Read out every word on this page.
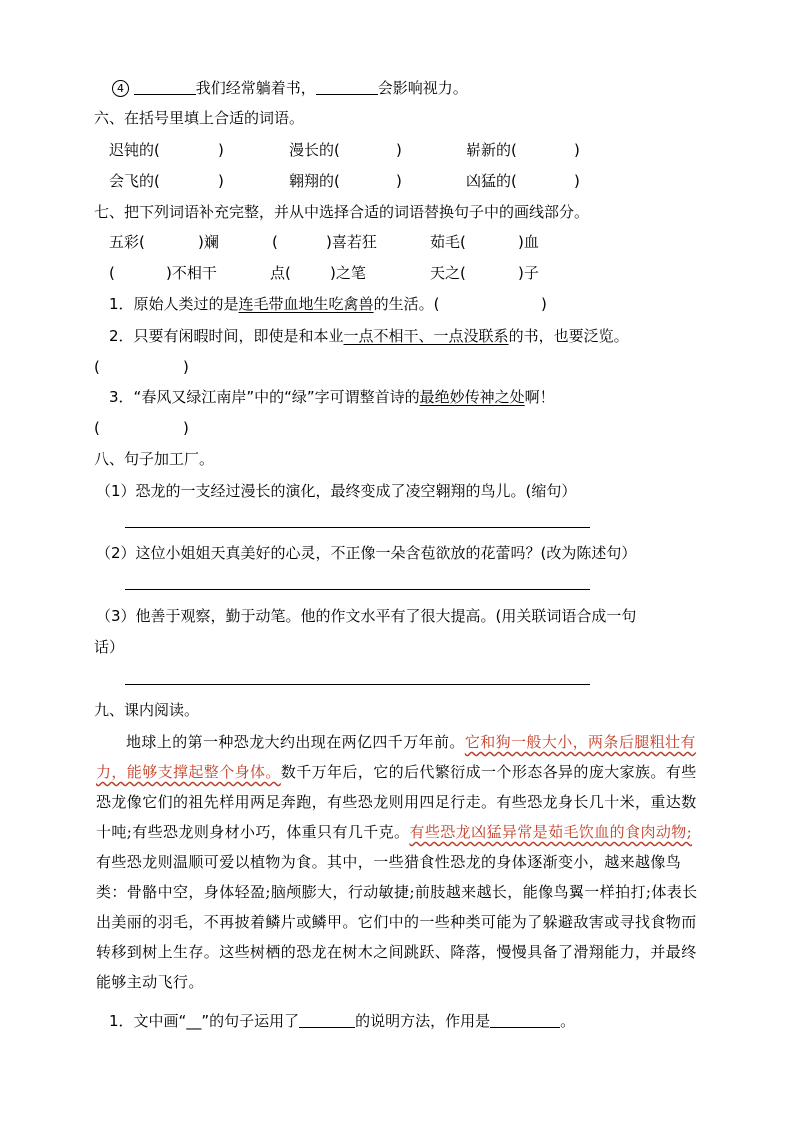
4	我们经常躺着书，	会影响视力。
六、在括号里填上合适的词语。
迟钝的(	)	漫长的(	)	崭新的(	)
会飞的(	)	翱翔的(	)	凶猛的(	)
七、把下列词语补充完整，并从中选择合适的词语替换句子中的画线部分。
五彩(	)斓	(	)喜若狂	茹毛(	)血
(	)不相干	点(	)之笔	天之(	)子
1．原始人类过的是连毛带血地生吃禽兽的生活。(	)
2．只要有闲暇时间，即使是和本业一点不相干、一点没联系的书，也要泛览。
(	)
3．“春风又绿江南岸”中的“绿”字可谓整首诗的最绝妙传神之处啊！
(	)
八、句子加工厂。
（1）恐龙的一支经过漫长的演化，最终变成了凌空翱翔的鸟儿。(缩句）
（2）这位小姐姐天真美好的心灵，不正像一朵含苞欲放的花蕾吗？(改为陈述句）
（3）他善于观察，勤于动笔。他的作文水平有了很大提高。(用关联词语合成一句
话）
九、课内阅读。

地球上的第一种恐龙大约出现在两亿四千万年前。它和狗一般大小，两条后腿粗壮有力，能够支撑起整个身体。数千万年后，它的后代繁衍成一个形态各异的庞大家族。有些恐龙像它们的祖先样用两足奔跑，有些恐龙则用四足行走。有些恐龙身长几十米，重达数十吨;有些恐龙则身材小巧，体重只有几千克。有些恐龙凶猛异常是茹毛饮血的食肉动物;有些恐龙则温顺可爱以植物为食。其中，一些猎食性恐龙的身体逐渐变小，越来越像鸟类：骨骼中空，身体轻盈;脑颅膨大，行动敏捷;前肢越来越长，能像鸟翼一样拍打;体表长出美丽的羽毛，不再披着鳞片或鳞甲。它们中的一些种类可能为了躲避敌害或寻找食物而转移到树上生存。这些树栖的恐龙在树木之间跳跃、降落，慢慢具备了滑翔能力，并最终能够主动飞行。

1．文中画“__”的句子运用了	的说明方法，作用是	。
